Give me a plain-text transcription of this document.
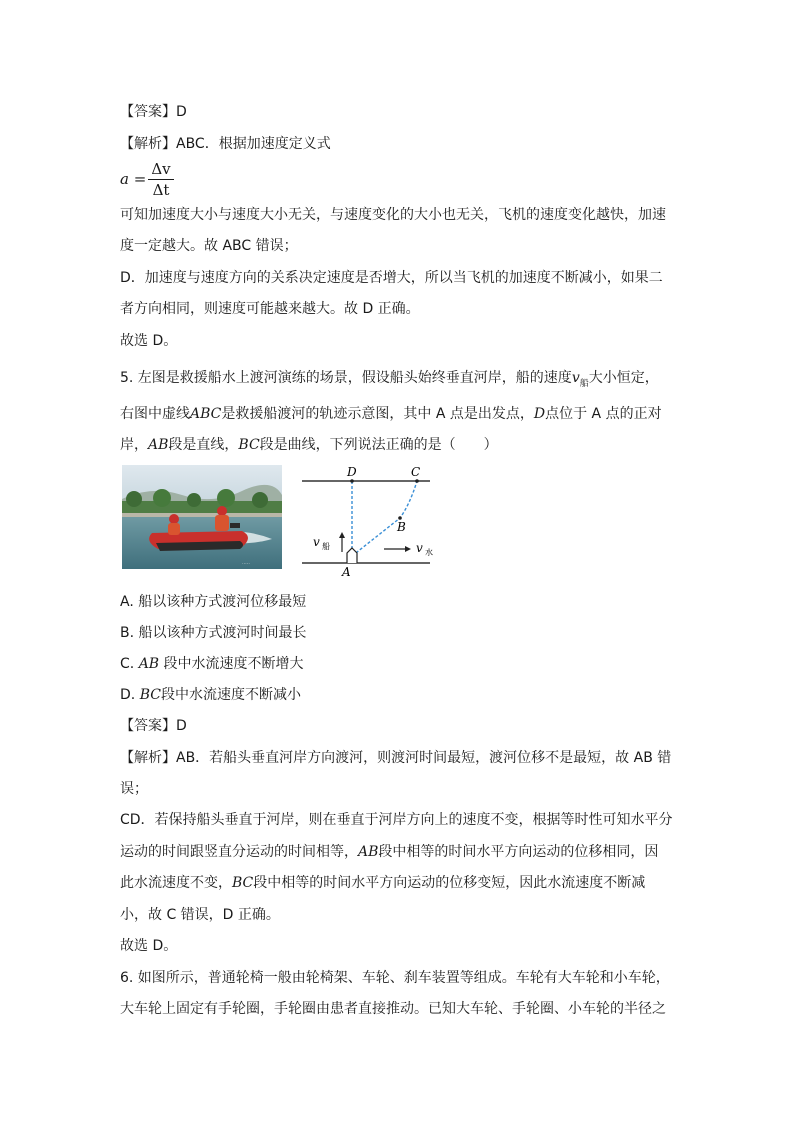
【答案】D
【解析】ABC．根据加速度定义式
a =
Δv
Δt
可知加速度大小与速度大小无关，与速度变化的大小也无关，飞机的速度变化越快，加速
度一定越大。故 ABC 错误；
D．加速度与速度方向的关系决定速度是否增大，所以当飞机的加速度不断减小，如果二
者方向相同，则速度可能越来越大。故 D 正确。
故选 D。
5. 左图是救援船水上渡河演练的场景，假设船头始终垂直河岸，船的速度$v_船$大小恒定，
右图中虚线ABC是救援船渡河的轨迹示意图，其中 A 点是出发点，D点位于 A 点的正对
岸，AB段是直线，BC段是曲线，下列说法正确的是（　　）
·····
D	C
B
A
v 船	v 水
A. 船以该种方式渡河位移最短
B. 船以该种方式渡河时间最长
C. AB 段中水流速度不断增大
D. BC段中水流速度不断减小
【答案】D
【解析】AB．若船头垂直河岸方向渡河，则渡河时间最短，渡河位移不是最短，故 AB 错
误；
CD．若保持船头垂直于河岸，则在垂直于河岸方向上的速度不变，根据等时性可知水平分
运动的时间跟竖直分运动的时间相等，AB段中相等的时间水平方向运动的位移相同，因
此水流速度不变，BC段中相等的时间水平方向运动的位移变短，因此水流速度不断减
小，故 C 错误，D 正确。
故选 D。
6. 如图所示，普通轮椅一般由轮椅架、车轮、刹车装置等组成。车轮有大车轮和小车轮，
大车轮上固定有手轮圈，手轮圈由患者直接推动。已知大车轮、手轮圈、小车轮的半径之
